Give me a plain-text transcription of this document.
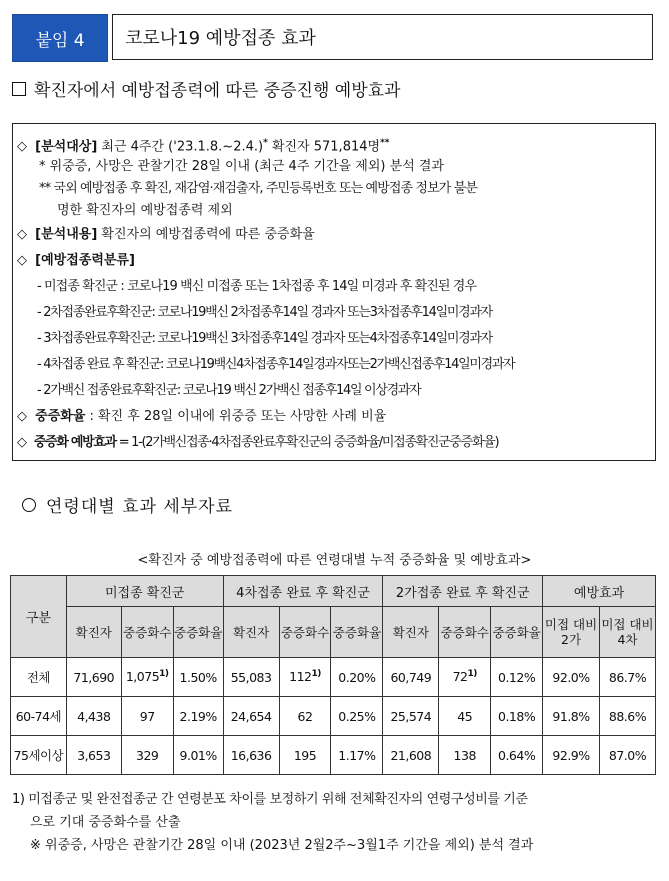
붙임 4	코로나19 예방접종 효과
확진자에서 예방접종력에 따른 중증진행 예방효과
◇ [분석대상] 최근 4주간 ('23.1.8.~2.4.)* 확진자 571,814명**
* 위중증, 사망은 관찰기간 28일 이내 (최근 4주 기간을 제외) 분석 결과
** 국외 예방접종 후 확진, 재감염·재검출자, 주민등록번호 또는 예방접종 정보가 불분
명한 확진자의 예방접종력 제외
◇ [분석내용] 확진자의 예방접종력에 따른 중증화율
◇ [예방접종력분류]
- 미접종 확진군 : 코로나19 백신 미접종 또는 1차접종 후 14일 미경과 후 확진된 경우
- 2차접종완료후확진군: 코로나19백신 2차접종후14일 경과자 또는3차접종후14일미경과자
- 3차접종완료후확진군: 코로나19백신 3차접종후14일 경과자 또는4차접종후14일미경과자
- 4차접종 완료 후 확진군: 코로나19백신4차접종후14일경과자또는2가백신접종후14일미경과자
- 2가백신 접종완료후확진군: 코로나19 백신 2가백신 접종후14일 이상경과자
◇ 중증화율 : 확진 후 28일 이내에 위중증 또는 사망한 사례 비율
◇ 중증화 예방효과 = 1-(2가백신접종·4차접종완료후확진군의 중증화율/미접종확진군중증화율)
연령대별 효과 세부자료
<확진자 중 예방접종력에 따른 연령대별 누적 중증화율 및 예방효과>
구분	미접종 확진군			4차접종 완료 후 확진군			2가접종 완료 후 확진군			예방효과	
	확진자	중증화수	중증화율	확진자	중증화수	중증화율	확진자	중증화수	중증화율	미접 대비 2가	미접 대비 4차
전체	71,690	1,075$^{1)}$	1.50%	55,083	112$^{1)}$	0.20%	60,749	72$^{1)}$	0.12%	92.0%	86.7%
60-74세	4,438	97	2.19%	24,654	62	0.25%	25,574	45	0.18%	91.8%	88.6%
75세이상	3,653	329	9.01%	16,636	195	1.17%	21,608	138	0.64%	92.9%	87.0%
1) 미접종군 및 완전접종군 간 연령분포 차이를 보정하기 위해 전체확진자의 연령구성비를 기준
으로 기대 중증화수를 산출
※ 위중증, 사망은 관찰기간 28일 이내 (2023년 2월2주~3월1주 기간을 제외) 분석 결과
